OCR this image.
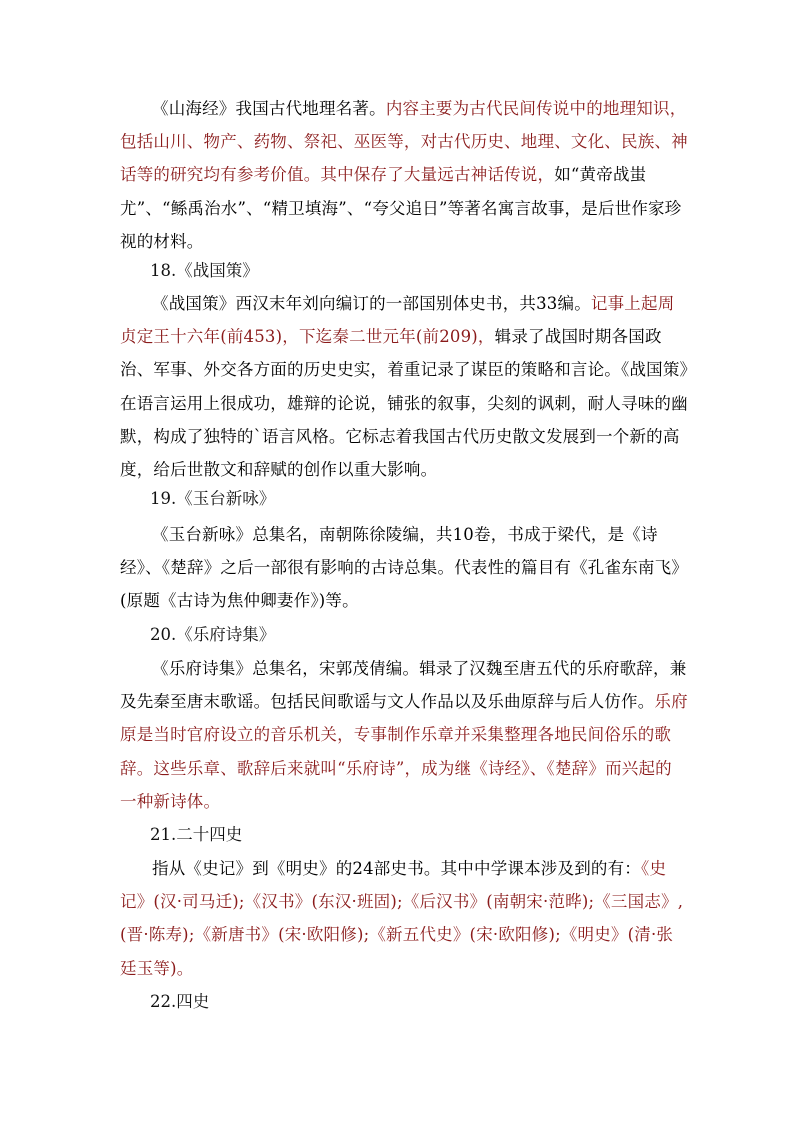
《山海经》我国古代地理名著。内容主要为古代民间传说中的地理知识，包括山川、物产、药物、祭祀、巫医等，对古代历史、地理、文化、民族、神话等的研究均有参考价值。其中保存了大量远古神话传说，如“黄帝战蚩尤”、“鲧禹治水”、“精卫填海”、“夸父追日”等著名寓言故事，是后世作家珍视的材料。

18.《战国策》

《战国策》西汉末年刘向编订的一部国别体史书，共33编。记事上起周贞定王十六年(前453)，下迄秦二世元年(前209)，辑录了战国时期各国政治、军事、外交各方面的历史史实，着重记录了谋臣的策略和言论。《战国策》在语言运用上很成功，雄辩的论说，铺张的叙事，尖刻的讽刺，耐人寻味的幽默，构成了独特的`语言风格。它标志着我国古代历史散文发展到一个新的高度，给后世散文和辞赋的创作以重大影响。

19.《玉台新咏》

《玉台新咏》总集名，南朝陈徐陵编，共10卷，书成于梁代，是《诗经》、《楚辞》之后一部很有影响的古诗总集。代表性的篇目有《孔雀东南飞》(原题《古诗为焦仲卿妻作》)等。

20.《乐府诗集》

《乐府诗集》总集名，宋郭茂倩编。辑录了汉魏至唐五代的乐府歌辞，兼及先秦至唐末歌谣。包括民间歌谣与文人作品以及乐曲原辞与后人仿作。乐府原是当时官府设立的音乐机关，专事制作乐章并采集整理各地民间俗乐的歌辞。这些乐章、歌辞后来就叫“乐府诗”，成为继《诗经》、《楚辞》而兴起的一种新诗体。

21.二十四史

指从《史记》到《明史》的24部史书。其中中学课本涉及到的有：《史记》(汉·司马迁);《汉书》(东汉·班固);《后汉书》(南朝宋·范晔);《三国志》,(晋·陈寿);《新唐书》(宋·欧阳修);《新五代史》(宋·欧阳修);《明史》(清·张廷玉等)。

22.四史
